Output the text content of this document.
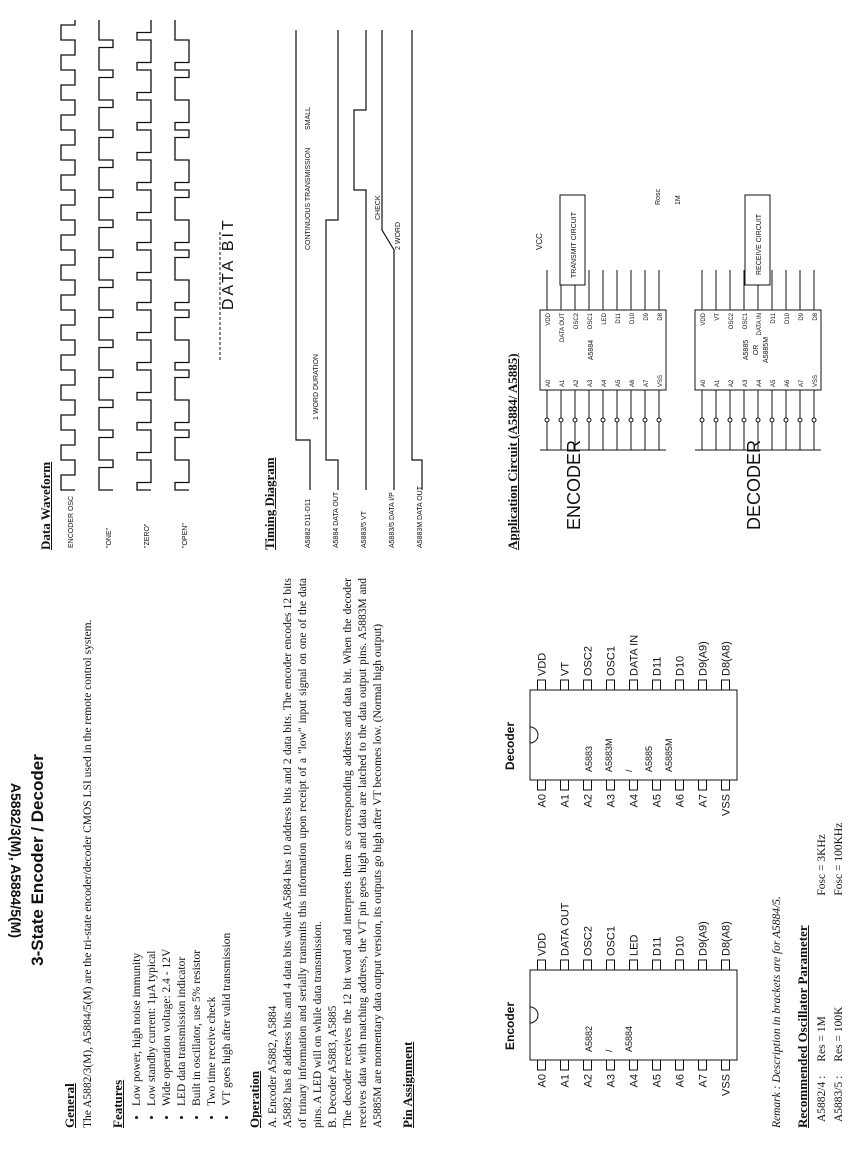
A5882/3(M), A5884/5(M) 3-State Encoder / Decoder
General The A5882/3(M), A5884/5(M) are the tri-state encoder/decoder CMOS LSI used in the remote control system. Features • Low power, high noise immunity • Low standby current: 1µA typical • Wide operation voltage: 2.4 - 12V • LED data transmission indicator • Built in oscillator, use 5% resistor • Two time receive check • VT goes high after valid transmission Operation A. Encoder A5882, A5884 A5882 has 8 address bits and 4 data bits while A5884 has 10 address bits and 2 data bits. The encoder encodes 12 bits of trinary information and serially transmits this information upon receipt of a "low" input signal on one of the data pins. A LED will on while data transmission. B. Decoder A5883, A5885 The decoder receives the 12 bit word and interprets them as corresponding address and data bit. When the decoder receives data with matching address, the VT pin goes high and data are latched to the data output pins. A5883M and A5885M are momentary data output version, its outputs go high after VT becomes low. (Normal high output) Pin Assignment
Encoder
Decoder
A0 A1 A2 A3 A4 A5 A6 A7 VSS
VDD DATA OUT OSC2 OSC1 LED D11 D10 D9(A9) D8(A8)
A5882 / A5884
A0 A1 A2 A3 A4 A5 A6 A7 VSS
VDD VT OSC2 OSC1 DATA IN D11 D10 D9(A9) D8(A8)
A5883 A5883M / A5885 A5885M
Remark : Description in brackets are for A5884/5. Recommended Oscillator Parameter A5882/4 :	Res = 1M	Fosc = 3KHz
A5883/5 :	Res = 100K	Fosc = 100KHz
Data Waveform ENCODER OSC	"ONE"	"ZERO"	"OPEN"
DATA BIT
Timing Diagram	A5882 D11-D11	A5884 DATA OUT	A5883/5 VT	A5883/5 DATA I/P	A5883M DATA OUT
1 WORD DURATION
CONTINUOUS TRANSMISSION	2 WORD
CHECK
SMALL
Application Circuit (A5884/ A5885) ENCODER	DECODER
A5884
A0 A1 A2 A3 A4 A5 A6 A7 VSS
VDD DATA OUT OSC2 OSC1 LED D11 D10 D9 D8
A5885 OR A5885M
A0 A1 A2 A3 A4 A5 A6 A7 VSS
VDD VT OSC2 OSC1 DATA IN D11 D10 D9 D8
TRANSMIT CIRCUIT	RECEIVE CIRCUIT
VCC
Rosc 1M
